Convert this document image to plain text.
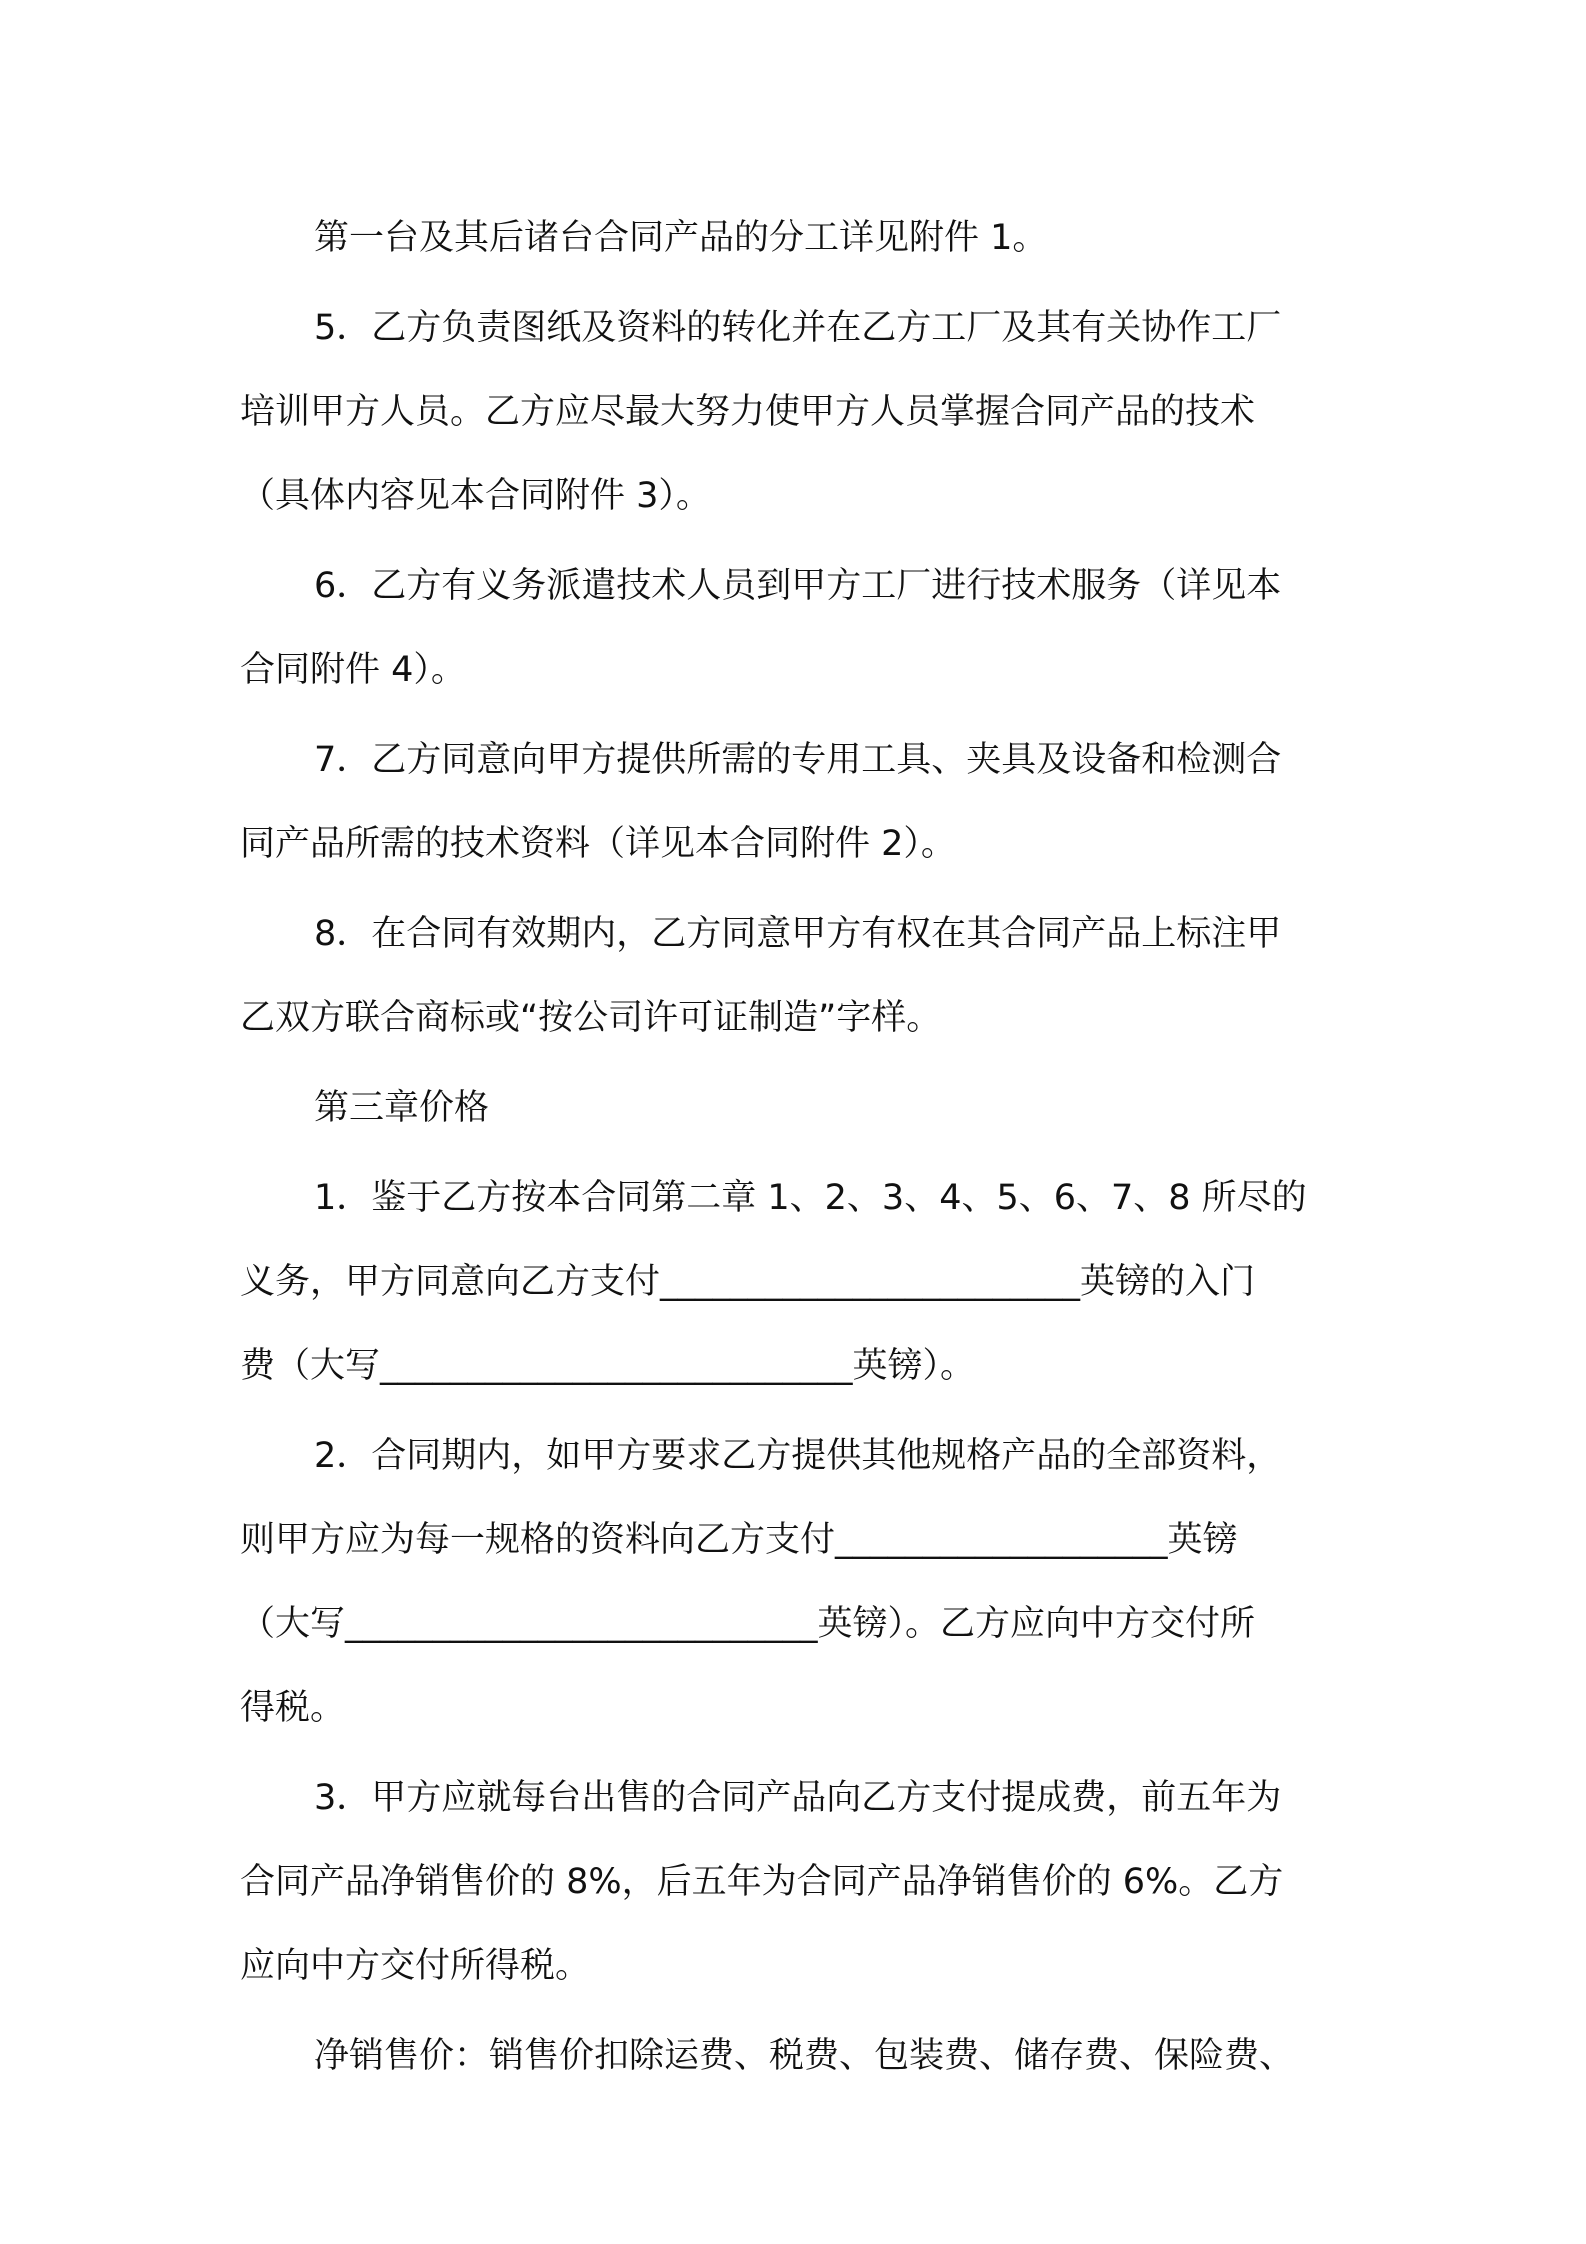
第一台及其后诸台合同产品的分工详见附件 1。
5．乙方负责图纸及资料的转化并在乙方工厂及其有关协作工厂
培训甲方人员。乙方应尽最大努力使甲方人员掌握合同产品的技术
（具体内容见本合同附件 3）。
6．乙方有义务派遣技术人员到甲方工厂进行技术服务（详见本
合同附件 4）。
7．乙方同意向甲方提供所需的专用工具、夹具及设备和检测合
同产品所需的技术资料（详见本合同附件 2）。
8．在合同有效期内，乙方同意甲方有权在其合同产品上标注甲
乙双方联合商标或“按公司许可证制造”字样。
第三章价格
1．鉴于乙方按本合同第二章 1、2、3、4、5、6、7、8 所尽的
义务，甲方同意向乙方支付________________________英镑的入门
费（大写___________________________英镑）。
2．合同期内，如甲方要求乙方提供其他规格产品的全部资料，
则甲方应为每一规格的资料向乙方支付___________________英镑
（大写___________________________英镑）。乙方应向中方交付所
得税。
3．甲方应就每台出售的合同产品向乙方支付提成费，前五年为
合同产品净销售价的 8%，后五年为合同产品净销售价的 6%。乙方
应向中方交付所得税。
净销售价：销售价扣除运费、税费、包装费、储存费、保险费、
